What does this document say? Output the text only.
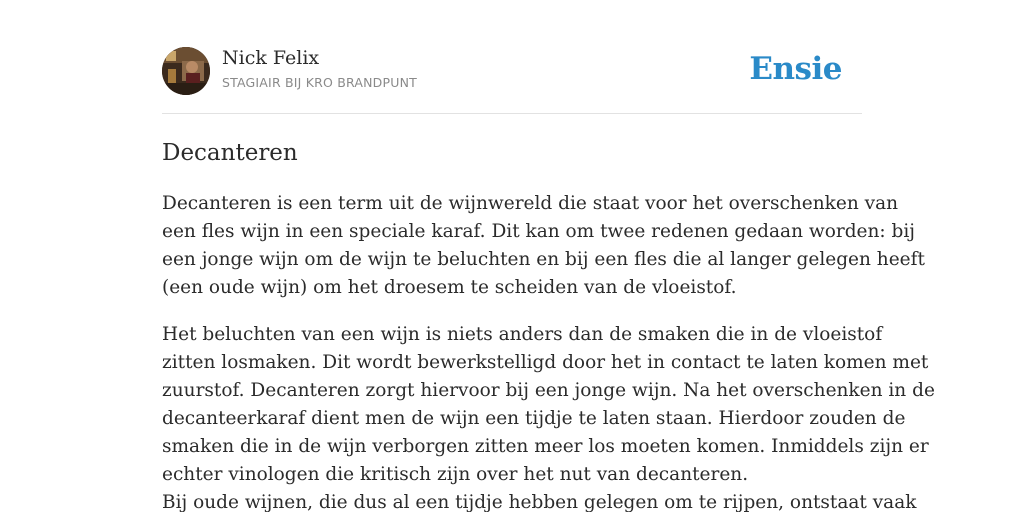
Nick Felix
STAGIAIR BIJ KRO BRANDPUNT	Ensie
Decanteren

Decanteren is een term uit de wijnwereld die staat voor het overschenken van
een fles wijn in een speciale karaf. Dit kan om twee redenen gedaan worden: bij
een jonge wijn om de wijn te beluchten en bij een fles die al langer gelegen heeft
(een oude wijn) om het droesem te scheiden van de vloeistof.

Het beluchten van een wijn is niets anders dan de smaken die in de vloeistof
zitten losmaken. Dit wordt bewerkstelligd door het in contact te laten komen met
zuurstof. Decanteren zorgt hiervoor bij een jonge wijn. Na het overschenken in de
decanteerkaraf dient men de wijn een tijdje te laten staan. Hierdoor zouden de
smaken die in de wijn verborgen zitten meer los moeten komen. Inmiddels zijn er
echter vinologen die kritisch zijn over het nut van decanteren.
Bij oude wijnen, die dus al een tijdje hebben gelegen om te rijpen, ontstaat vaak
